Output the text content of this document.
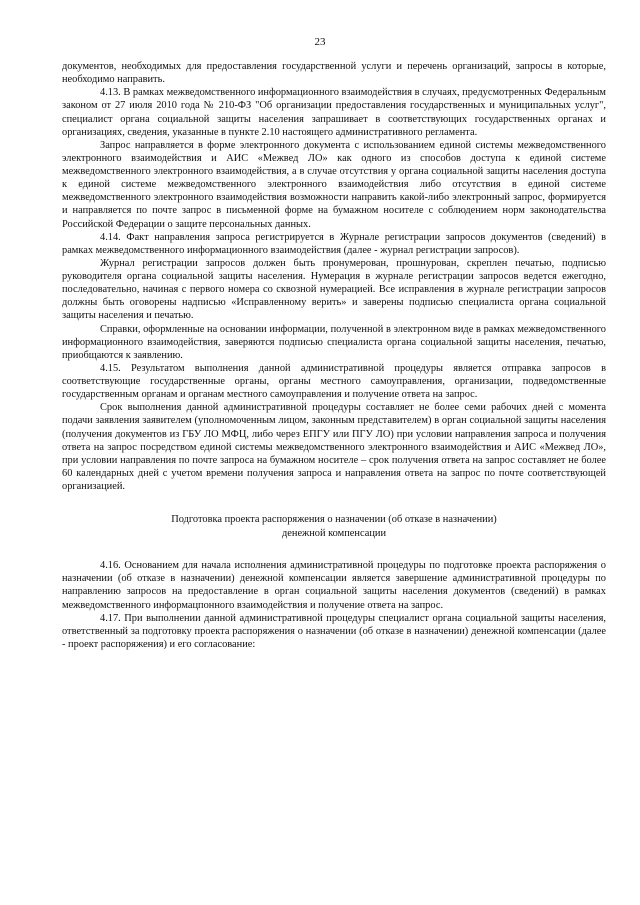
23

документов, необходимых для предоставления государственной услуги и перечень организаций, запросы в которые, необходимо направить.

4.13. В рамках межведомственного информационного взаимодействия в случаях, предусмотренных Федеральным законом от 27 июля 2010 года № 210-ФЗ "Об организации предоставления государственных и муниципальных услуг", специалист органа социальной защиты населения запрашивает в соответствующих государственных органах и организациях, сведения, указанные в пункте 2.10 настоящего административного регламента.

Запрос направляется в форме электронного документа с использованием единой системы межведомственного электронного взаимодействия и АИС «Межвед ЛО» как одного из способов доступа к единой системе межведомственного электронного взаимодействия, а в случае отсутствия у органа социальной защиты населения доступа к единой системе межведомственного электронного взаимодействия либо отсутствия в единой системе межведомственного электронного взаимодействия возможности направить какой-либо электронный запрос, формируется и направляется по почте запрос в письменной форме на бумажном носителе с соблюдением норм законодательства Российской Федерации о защите персональных данных.

4.14. Факт направления запроса регистрируется в Журнале регистрации запросов документов (сведений) в рамках межведомственного информационного взаимодействия (далее - журнал регистрации запросов).

Журнал регистрации запросов должен быть пронумерован, прошнурован, скреплен печатью, подписью руководителя органа социальной защиты населения. Нумерация в журнале регистрации запросов ведется ежегодно, последовательно, начиная с первого номера со сквозной нумерацией. Все исправления в журнале регистрации запросов должны быть оговорены надписью «Исправленному верить» и заверены подписью специалиста органа социальной защиты населения и печатью.

Справки, оформленные на основании информации, полученной в электронном виде в рамках межведомственного информационного взаимодействия, заверяются подписью специалиста органа социальной защиты населения, печатью, приобщаются к заявлению.

4.15. Результатом выполнения данной административной процедуры является отправка запросов в соответствующие государственные органы, органы местного самоуправления, организации, подведомственные государственным органам и органам местного самоуправления и получение ответа на запрос.

Срок выполнения данной административной процедуры составляет не более семи рабочих дней с момента подачи заявления заявителем (уполномоченным лицом, законным представителем) в орган социальной защиты населения (получения документов из ГБУ ЛО МФЦ, либо через ЕПГУ или ПГУ ЛО) при условии направления запроса и получения ответа на запрос посредством единой системы межведомственного электронного взаимодействия и АИС «Межвед ЛО», при условии направления по почте запроса на бумажном носителе – срок получения ответа на запрос составляет не более 60 календарных дней с учетом времени получения запроса и направления ответа на запрос по почте соответствующей организацией.

Подготовка проекта распоряжения о назначении (об отказе в назначении)
денежной компенсации

4.16. Основанием для начала исполнения административной процедуры по подготовке проекта распоряжения о назначении (об отказе в назначении) денежной компенсации является завершение административной процедуры по направлению запросов на предоставление в орган социальной защиты населения документов (сведений) в рамках межведомственного информацпонного взаимодействия и получение ответа на запрос.

4.17. При выполнении данной административной процедуры специалист органа социальной защиты населения, ответственный за подготовку проекта распоряжения о назначении (об отказе в назначении) денежной компенсации (далее - проект распоряжения) и его согласование:
